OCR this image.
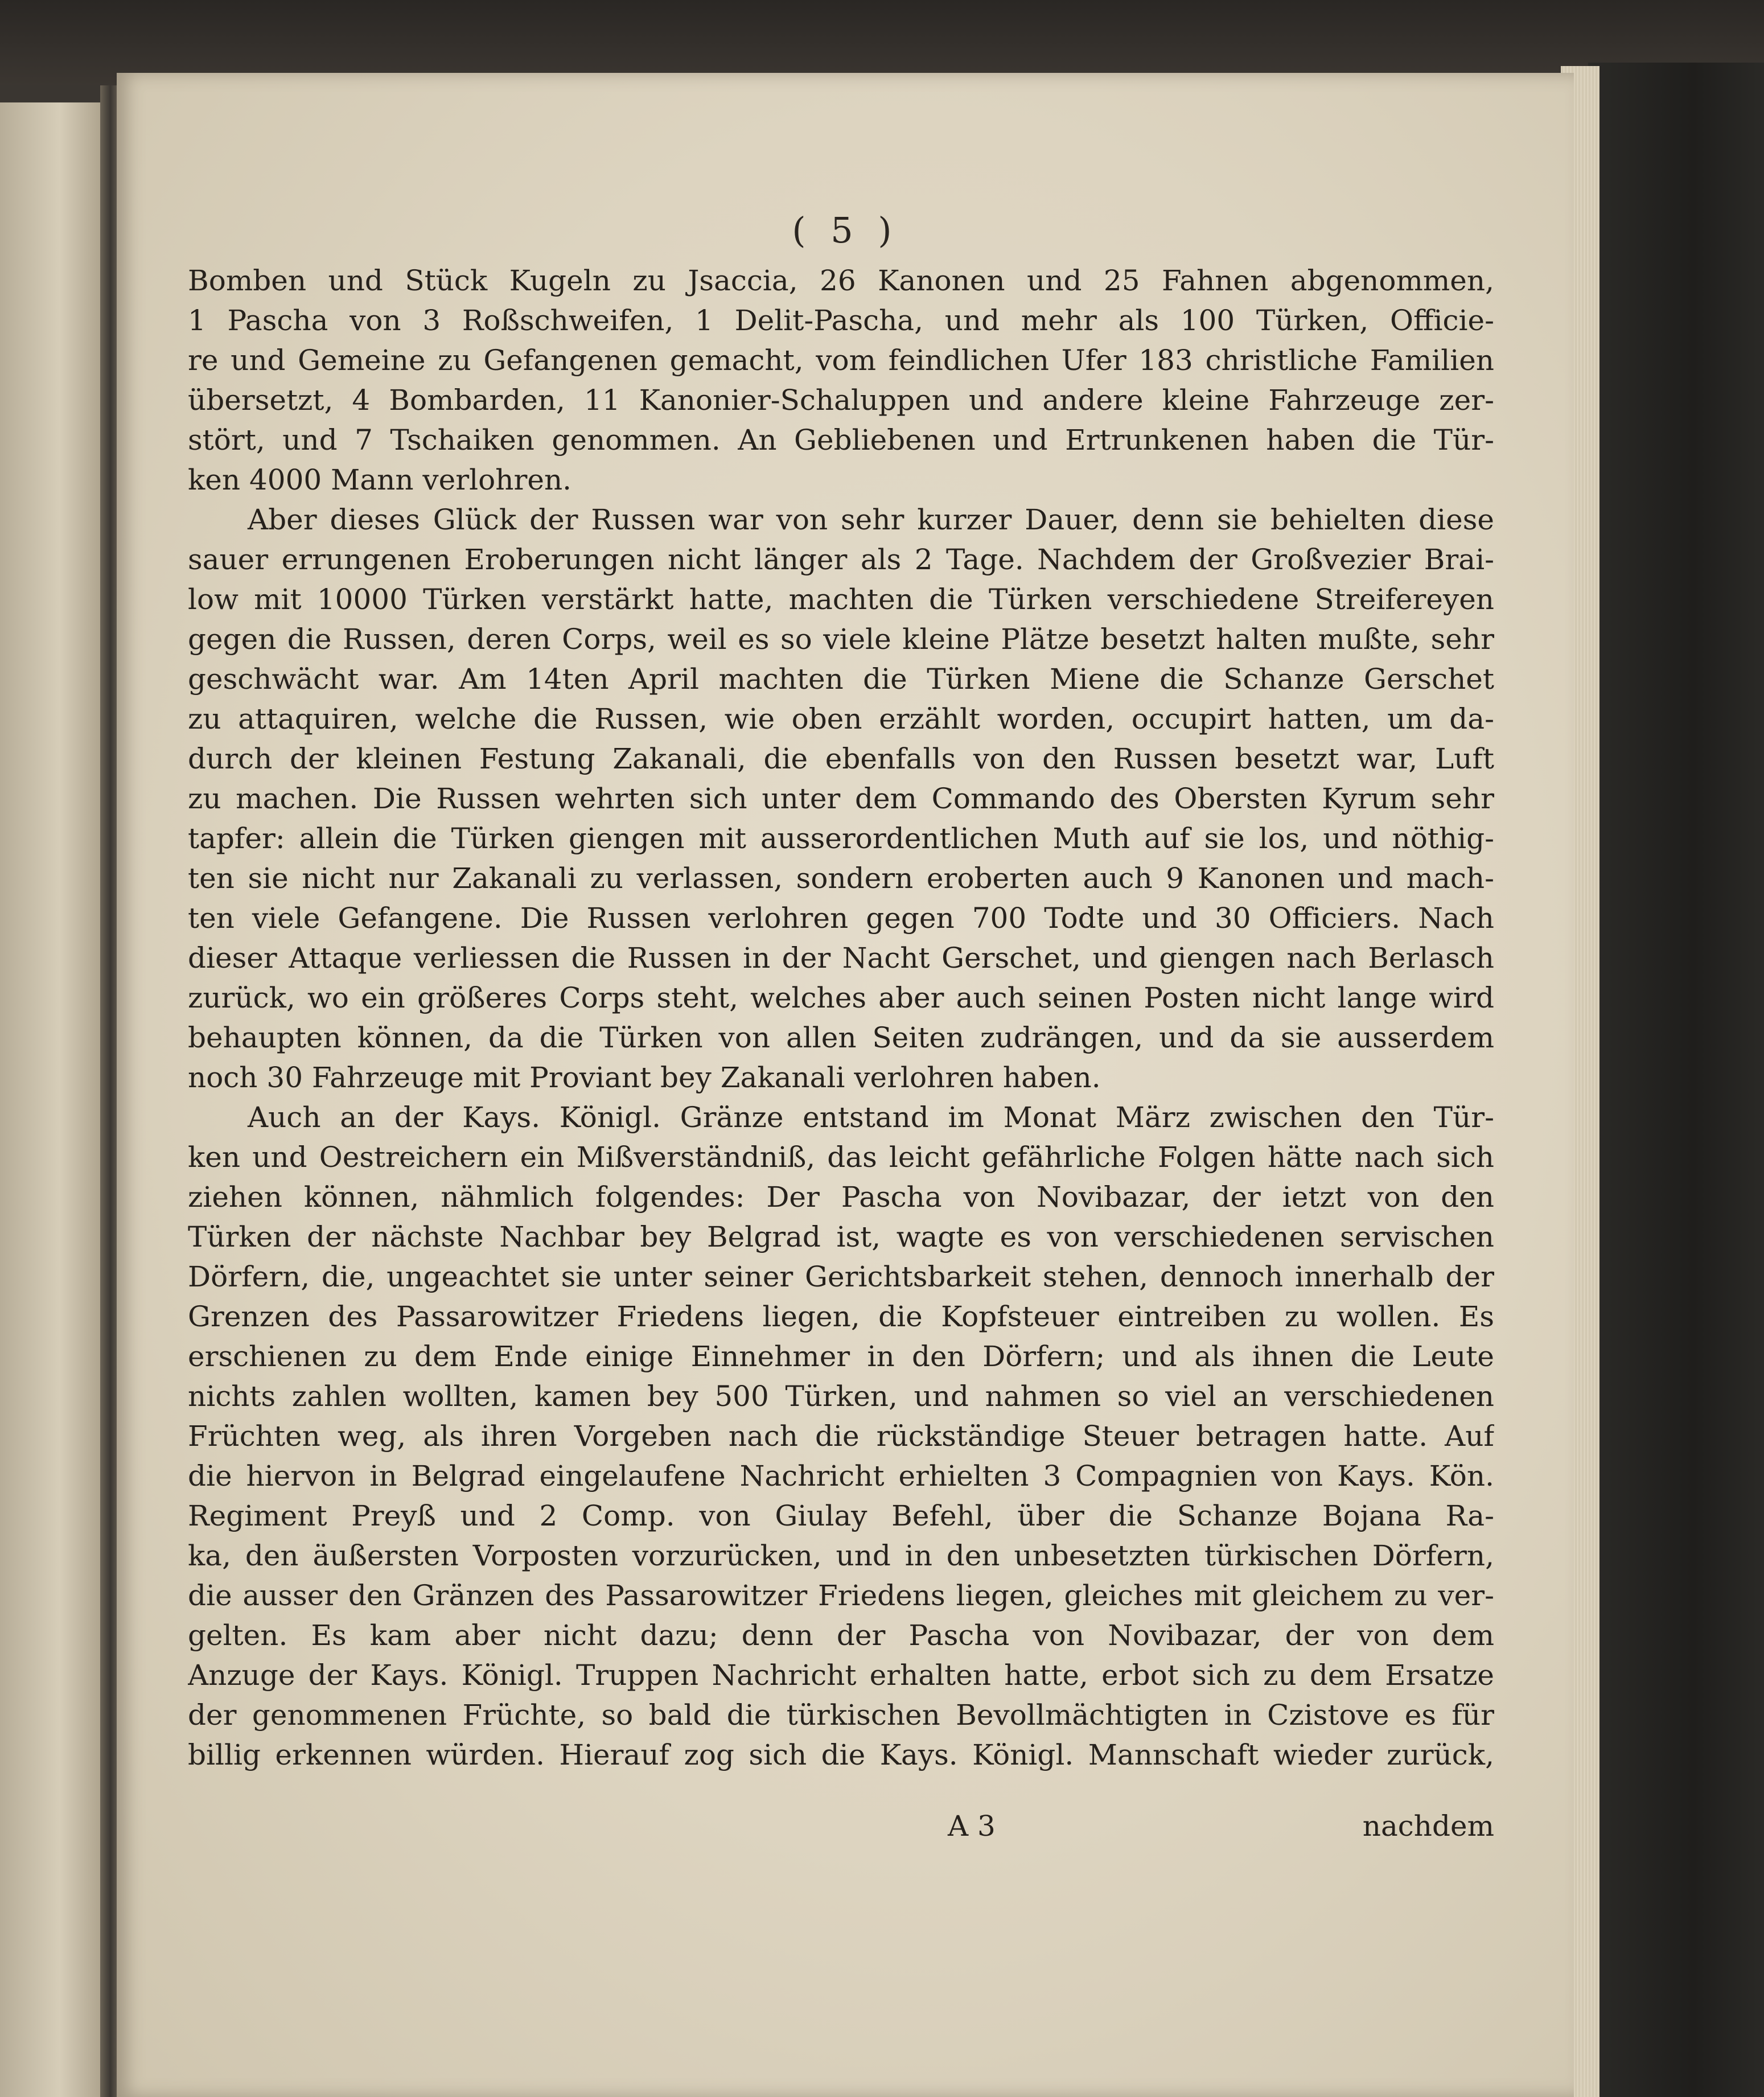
( 5 )
Bomben und Stück Kugeln zu Jsaccia, 26 Kanonen und 25 Fahnen abgenommen,
1 Pascha von 3 Roßschweifen, 1 Delit-Pascha, und mehr als 100 Türken, Officie-
re und Gemeine zu Gefangenen gemacht, vom feindlichen Ufer 183 christliche Familien
übersetzt, 4 Bombarden, 11 Kanonier-Schaluppen und andere kleine Fahrzeuge zer-
stört, und 7 Tschaiken genommen. An Gebliebenen und Ertrunkenen haben die Tür-
ken 4000 Mann verlohren.
Aber dieses Glück der Russen war von sehr kurzer Dauer, denn sie behielten diese
sauer errungenen Eroberungen nicht länger als 2 Tage. Nachdem der Großvezier Brai-
low mit 10000 Türken verstärkt hatte, machten die Türken verschiedene Streifereyen
gegen die Russen, deren Corps, weil es so viele kleine Plätze besetzt halten mußte, sehr
geschwächt war. Am 14ten April machten die Türken Miene die Schanze Gerschet
zu attaquiren, welche die Russen, wie oben erzählt worden, occupirt hatten, um da-
durch der kleinen Festung Zakanali, die ebenfalls von den Russen besetzt war, Luft
zu machen. Die Russen wehrten sich unter dem Commando des Obersten Kyrum sehr
tapfer: allein die Türken giengen mit ausserordentlichen Muth auf sie los, und nöthig-
ten sie nicht nur Zakanali zu verlassen, sondern eroberten auch 9 Kanonen und mach-
ten viele Gefangene. Die Russen verlohren gegen 700 Todte und 30 Officiers. Nach
dieser Attaque verliessen die Russen in der Nacht Gerschet, und giengen nach Berlasch
zurück, wo ein größeres Corps steht, welches aber auch seinen Posten nicht lange wird
behaupten können, da die Türken von allen Seiten zudrängen, und da sie ausserdem
noch 30 Fahrzeuge mit Proviant bey Zakanali verlohren haben.
Auch an der Kays. Königl. Gränze entstand im Monat März zwischen den Tür-
ken und Oestreichern ein Mißverständniß, das leicht gefährliche Folgen hätte nach sich
ziehen können, nähmlich folgendes: Der Pascha von Novibazar, der ietzt von den
Türken der nächste Nachbar bey Belgrad ist, wagte es von verschiedenen servischen
Dörfern, die, ungeachtet sie unter seiner Gerichtsbarkeit stehen, dennoch innerhalb der
Grenzen des Passarowitzer Friedens liegen, die Kopfsteuer eintreiben zu wollen. Es
erschienen zu dem Ende einige Einnehmer in den Dörfern; und als ihnen die Leute
nichts zahlen wollten, kamen bey 500 Türken, und nahmen so viel an verschiedenen
Früchten weg, als ihren Vorgeben nach die rückständige Steuer betragen hatte. Auf
die hiervon in Belgrad eingelaufene Nachricht erhielten 3 Compagnien von Kays. Kön.
Regiment Preyß und 2 Comp. von Giulay Befehl, über die Schanze Bojana Ra-
ka, den äußersten Vorposten vorzurücken, und in den unbesetzten türkischen Dörfern,
die ausser den Gränzen des Passarowitzer Friedens liegen, gleiches mit gleichem zu ver-
gelten. Es kam aber nicht dazu; denn der Pascha von Novibazar, der von dem
Anzuge der Kays. Königl. Truppen Nachricht erhalten hatte, erbot sich zu dem Ersatze
der genommenen Früchte, so bald die türkischen Bevollmächtigten in Czistove es für
billig erkennen würden. Hierauf zog sich die Kays. Königl. Mannschaft wieder zurück,
A 3	nachdem
